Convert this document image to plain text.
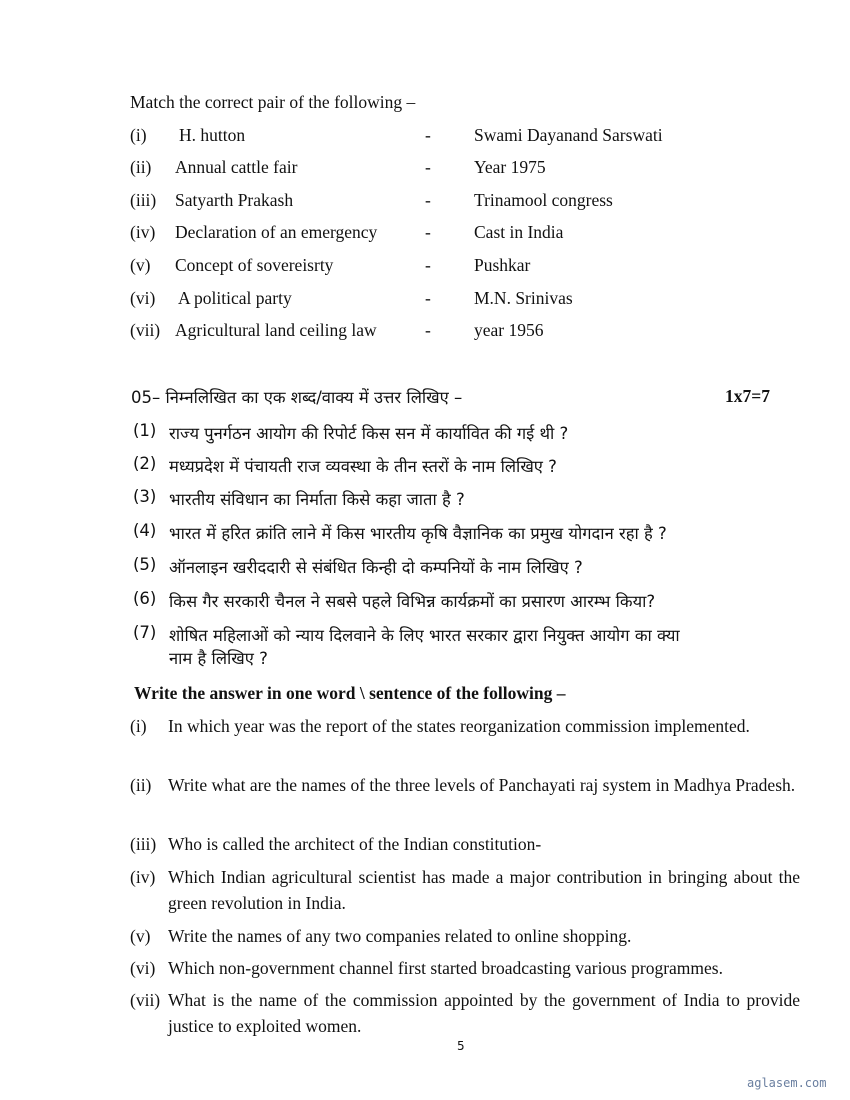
Match the correct pair of the following –
(i) H. hutton	- Swami Dayanand Sarswati
(ii) Annual cattle fair	- Year 1975
(iii) Satyarth Prakash	- Trinamool congress
(iv) Declaration of an emergency	- Cast in India
(v) Concept of sovereisrty	- Pushkar
(vi) A political party	- M.N. Srinivas
(vii) Agricultural land ceiling law	- year 1956
05– निम्नलिखित का एक शब्द/वाक्य में उत्तर लिखिए –	1x7=7
(1) राज्य पुनर्गठन आयोग की रिपोर्ट किस सन में कार्यावित की गई थी ?
(2) मध्यप्रदेश में पंचायती राज व्यवस्था के तीन स्तरों के नाम लिखिए ?
(3) भारतीय संविधान का निर्माता किसे कहा जाता है ?
(4) भारत में हरित क्रांति लाने में किस भारतीय कृषि वैज्ञानिक का प्रमुख योगदान रहा है ?
(5) ऑनलाइन खरीददारी से संबंधित किन्ही दो कम्पनियों के नाम लिखिए ?
(6) किस गैर सरकारी चैनल ने सबसे पहले विभिन्न कार्यक्रमों का प्रसारण आरम्भ किया?
(7) शोषित महिलाओं को न्याय दिलवाने के लिए भारत सरकार द्वारा नियुक्त आयोग का क्या
नाम है लिखिए ?
Write the answer in one word \ sentence of the following –
(i) In which year was the report of the states reorganization commission implemented.
(ii) Write what are the names of the three levels of Panchayati raj system in Madhya Pradesh.
(iii) Who is called the architect of the Indian constitution-
(iv) Which Indian agricultural scientist has made a major contribution in bringing about the green revolution in India.
(v) Write the names of any two companies related to online shopping.
(vi) Which non-government channel first started broadcasting various programmes.
(vii) What is the name of the commission appointed by the government of India to provide justice to exploited women.
5
aglasem.com
